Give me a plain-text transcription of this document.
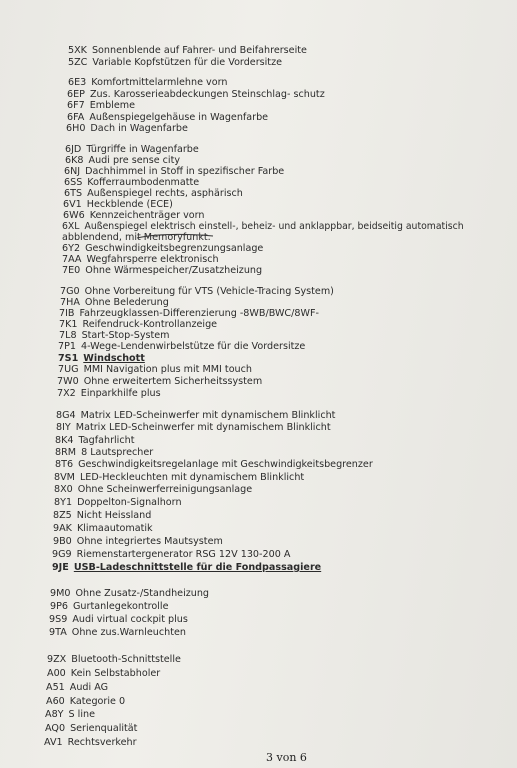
5XK Sonnenblende auf Fahrer- und Beifahrerseite
5ZC Variable Kopfstützen für die Vordersitze
6E3 Komfortmittelarmlehne vorn
6EP Zus. Karosserieabdeckungen Steinschlag- schutz
6F7 Embleme
6FA Außenspiegelgehäuse in Wagenfarbe
6H0 Dach in Wagenfarbe
6JD Türgriffe in Wagenfarbe
6K8 Audi pre sense city
6NJ Dachhimmel in Stoff in spezifischer Farbe
6SS Kofferraumbodenmatte
6TS Außenspiegel rechts, asphärisch
6V1 Heckblende (ECE)
6W6 Kennzeichenträger vorn
6XL Außenspiegel elektrisch einstell-, beheiz- und anklappbar, beidseitig automatisch
abblendend, mit Memoryfunkt.
6Y2 Geschwindigkeitsbegrenzungsanlage
7AA Wegfahrsperre elektronisch
7E0 Ohne Wärmespeicher/Zusatzheizung
7G0 Ohne Vorbereitung für VTS (Vehicle-Tracing System)
7HA Ohne Belederung
7IB Fahrzeugklassen-Differenzierung -8WB/BWC/8WF-
7K1 Reifendruck-Kontrollanzeige
7L8 Start-Stop-System
7P1 4-Wege-Lendenwirbelstütze für die Vordersitze
7S1 Windschott
7UG MMI Navigation plus mit MMI touch
7W0 Ohne erweitertem Sicherheitssystem
7X2 Einparkhilfe plus
8G4 Matrix LED-Scheinwerfer mit dynamischem Blinklicht
8IY Matrix LED-Scheinwerfer mit dynamischem Blinklicht
8K4 Tagfahrlicht
8RM 8 Lautsprecher
8T6 Geschwindigkeitsregelanlage mit Geschwindigkeitsbegrenzer
8VM LED-Heckleuchten mit dynamischem Blinklicht
8X0 Ohne Scheinwerferreinigungsanlage
8Y1 Doppelton-Signalhorn
8Z5 Nicht Heissland
9AK Klimaautomatik
9B0 Ohne integriertes Mautsystem
9G9 Riemenstartergenerator RSG 12V 130-200 A
9JE USB-Ladeschnittstelle für die Fondpassagiere
9M0 Ohne Zusatz-/Standheizung
9P6 Gurtanlegekontrolle
9S9 Audi virtual cockpit plus
9TA Ohne zus.Warnleuchten
9ZX Bluetooth-Schnittstelle
A00 Kein Selbstabholer
A51 Audi AG
A60 Kategorie 0
A8Y S line
AQ0 Serienqualität
AV1 Rechtsverkehr
3 von 6
